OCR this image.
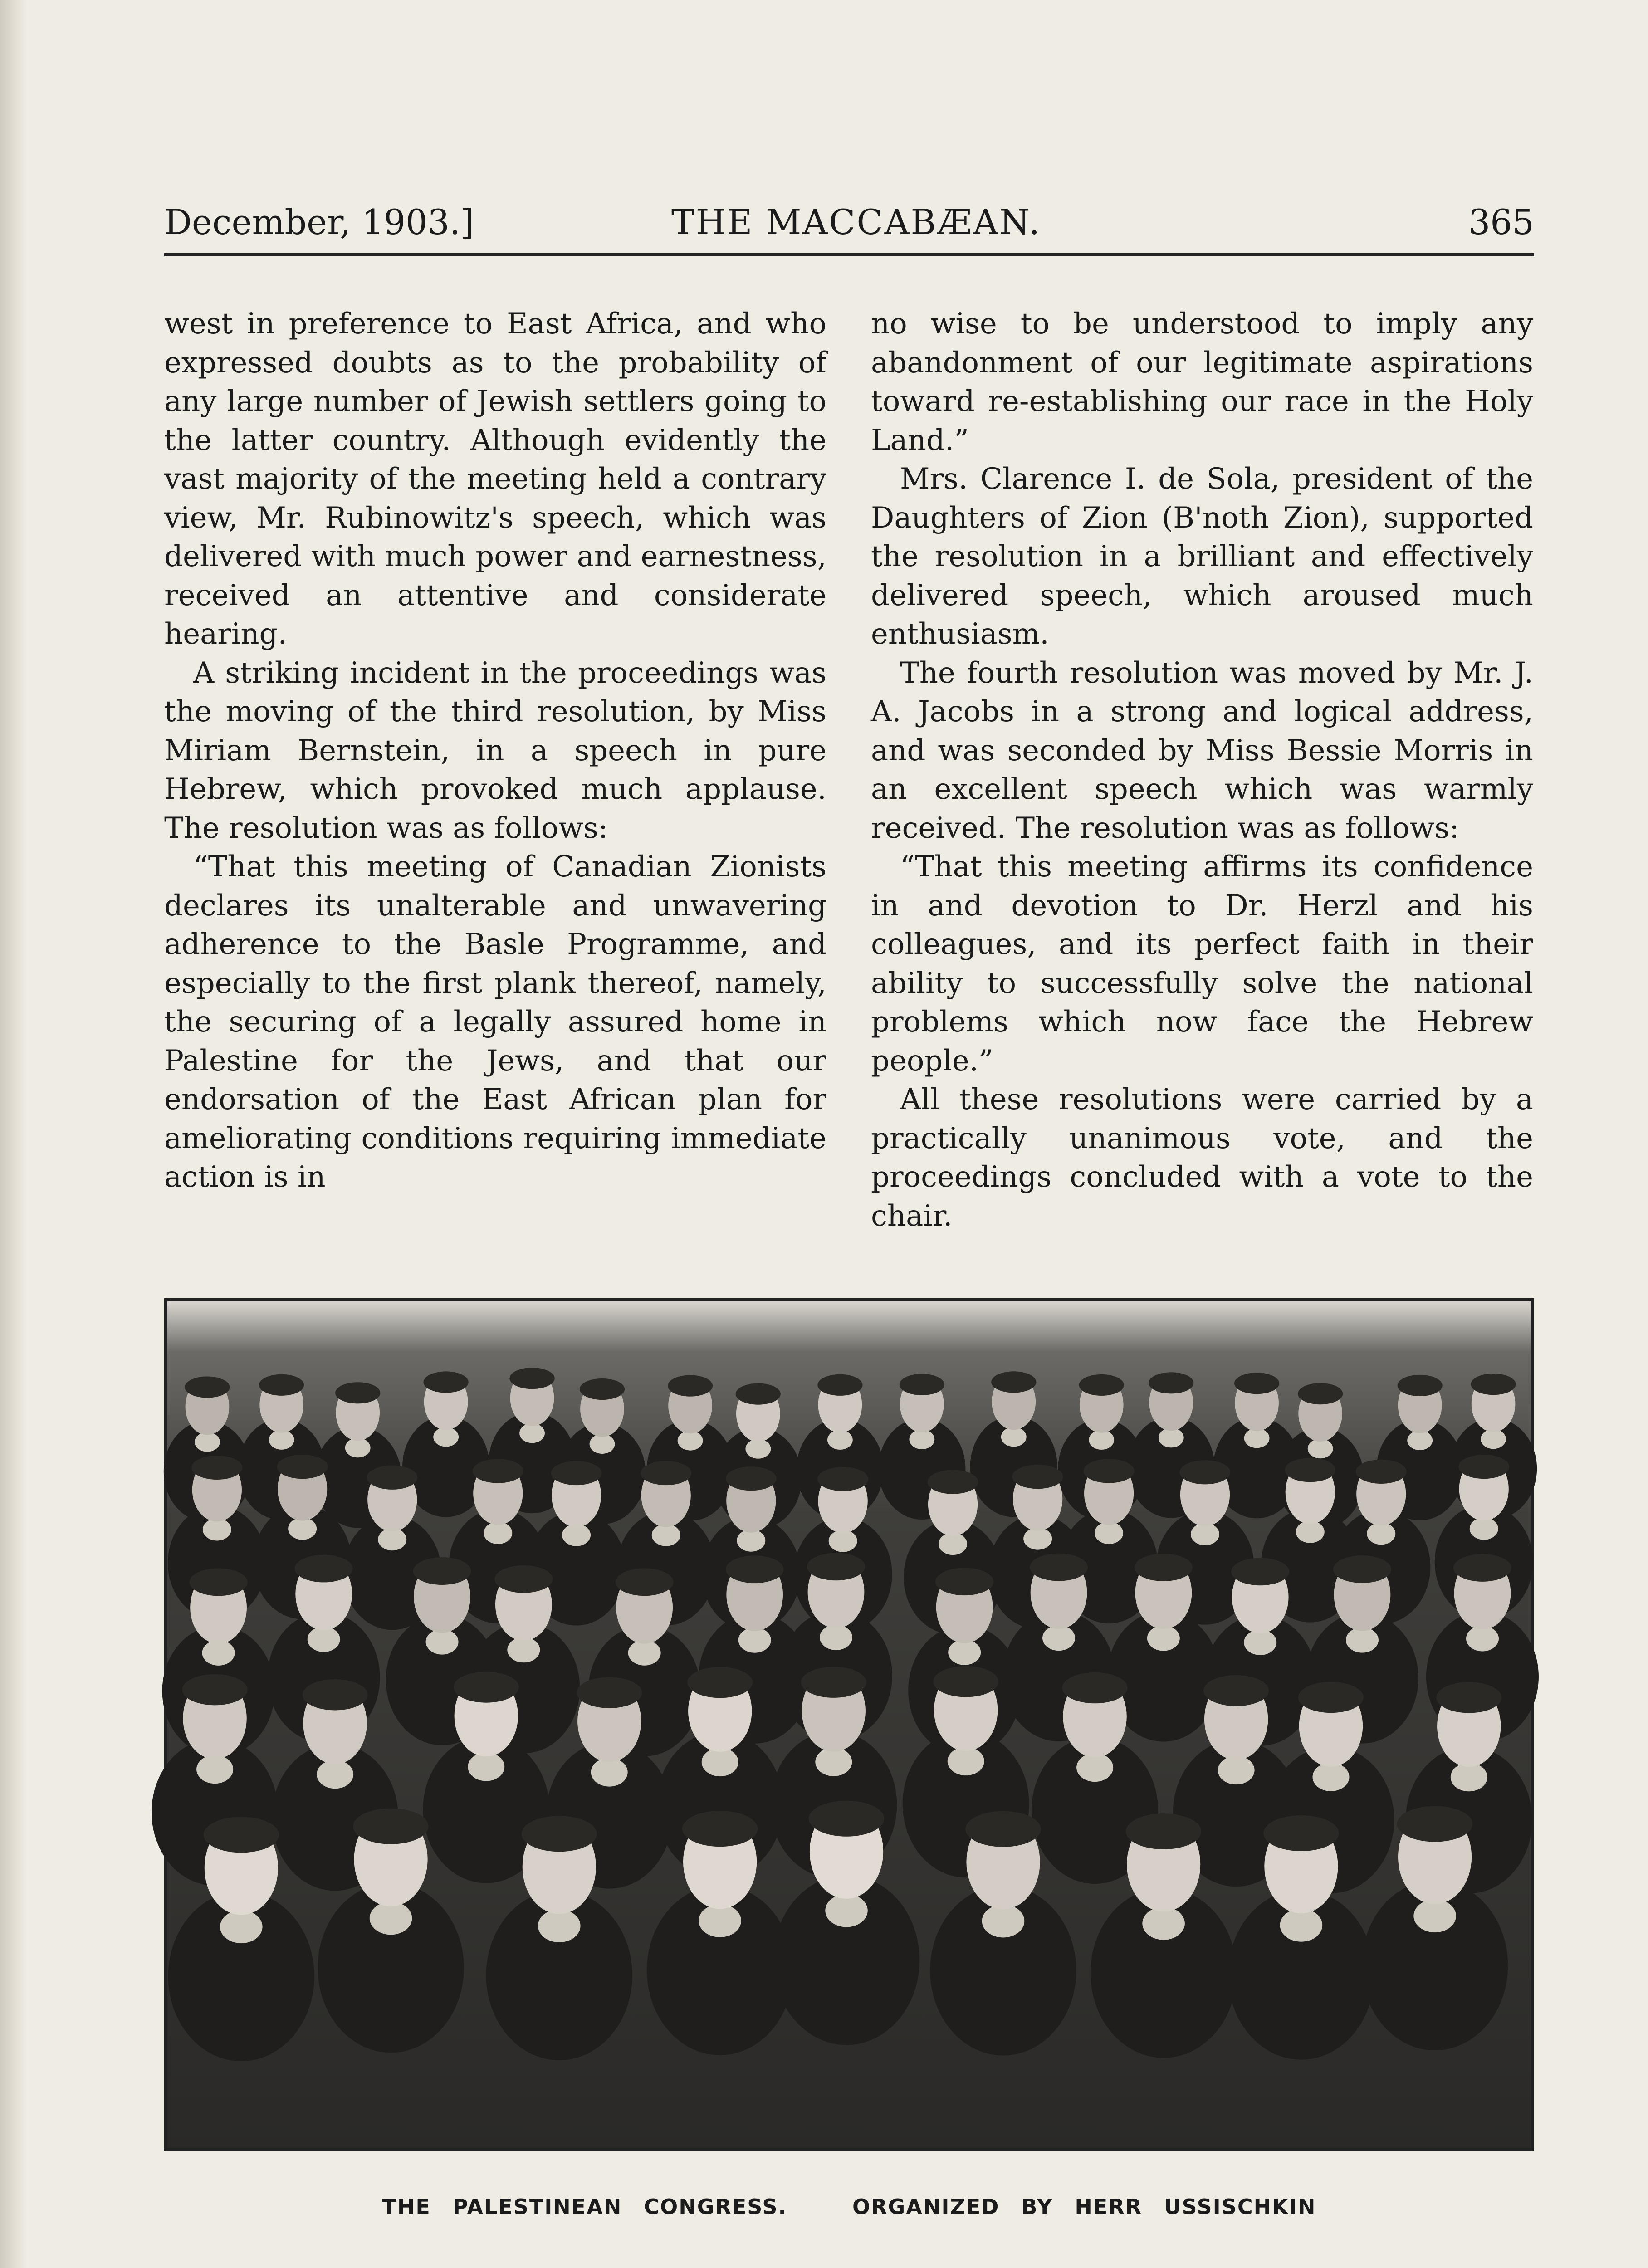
December, 1903.]	THE MACCABÆAN.	365

west in preference to East Africa, and who expressed doubts as to the probability of any large number of Jewish settlers going to the latter country. Although evidently the vast majority of the meeting held a contrary view, Mr. Rubinowitz's speech, which was delivered with much power and earnestness, received an attentive and considerate hearing.

A striking incident in the proceedings was the moving of the third resolution, by Miss Miriam Bernstein, in a speech in pure Hebrew, which provoked much applause. The resolution was as follows:

“That this meeting of Canadian Zionists declares its unalterable and unwavering adherence to the Basle Programme, and especially to the first plank thereof, namely, the securing of a legally assured home in Palestine for the Jews, and that our endorsation of the East African plan for ameliorating conditions requiring immediate action is in

no wise to be understood to imply any abandonment of our legitimate aspirations toward re-establishing our race in the Holy Land.”

Mrs. Clarence I. de Sola, president of the Daughters of Zion (B'noth Zion), supported the resolution in a brilliant and effectively delivered speech, which aroused much enthusiasm.

The fourth resolution was moved by Mr. J. A. Jacobs in a strong and logical address, and was seconded by Miss Bessie Morris in an excellent speech which was warmly received. The resolution was as follows:

“That this meeting affirms its confidence in and devotion to Dr. Herzl and his colleagues, and its perfect faith in their ability to successfully solve the national problems which now face the Hebrew people.”

All these resolutions were carried by a practically unanimous vote, and the proceedings concluded with a vote to the chair.

THE PALESTINEAN CONGRESS.   ORGANIZED BY HERR USSISCHKIN
